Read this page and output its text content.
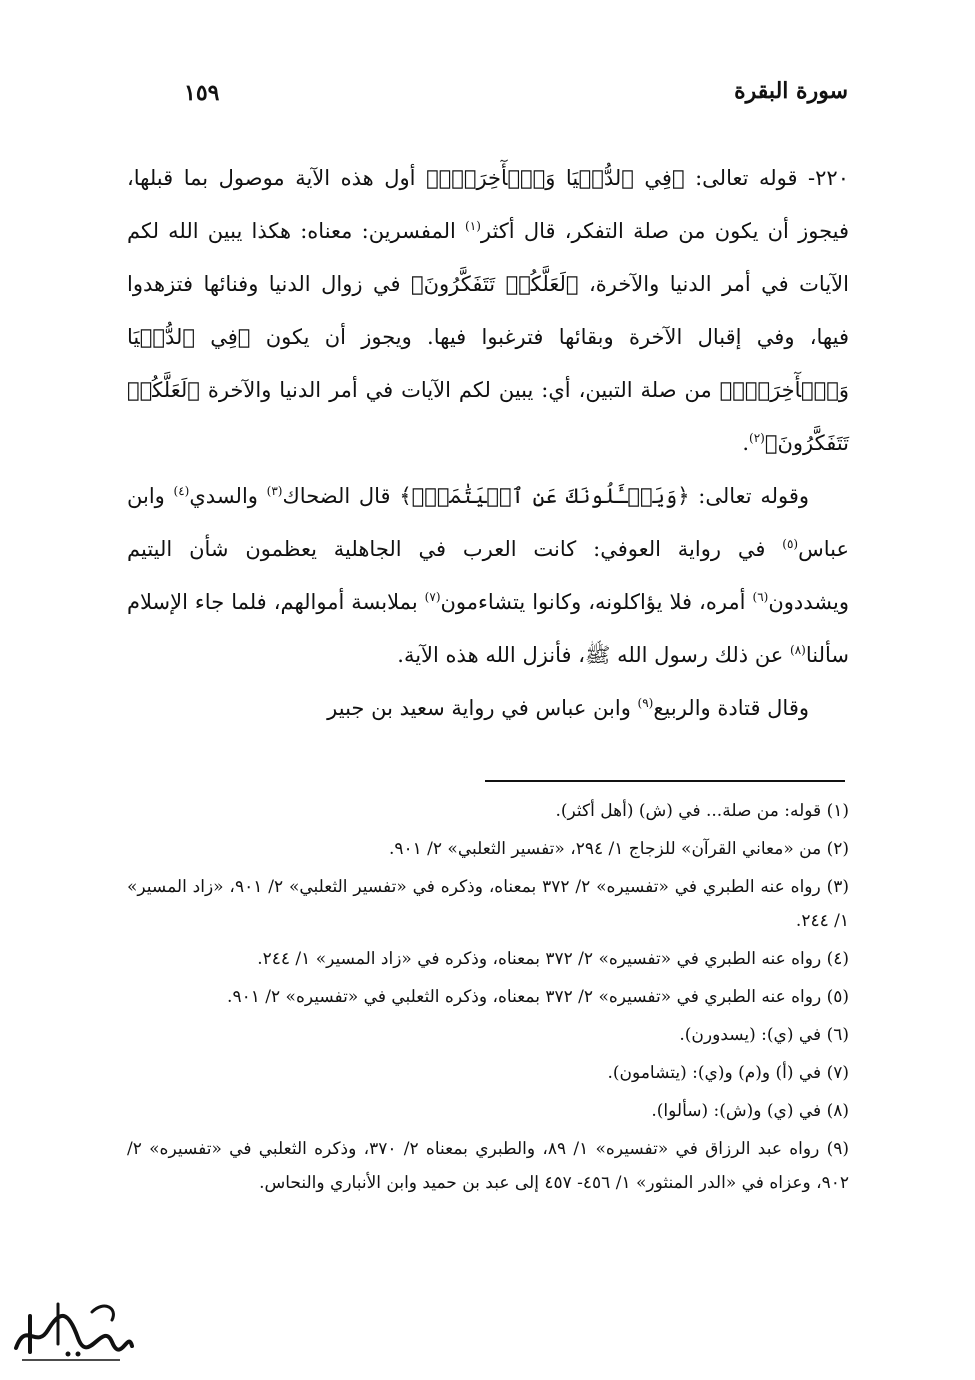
سورة البقرة
١٥٩

٢٢٠- قوله تعالى: ﴿فِي ٱلدُّنۡيَا وَٱلۡأٓخِرَةِۗ﴾ أول هذه الآية موصول بما قبلها، فيجوز أن يكون من صلة التفكر، قال أكثر$^{(١)}$ المفسرين: معناه: هكذا يبين الله لكم الآيات في أمر الدنيا والآخرة، ﴿لَعَلَّكُمۡ تَتَفَكَّرُونَ﴾ في زوال الدنيا وفنائها فتزهدوا فيها، وفي إقبال الآخرة وبقائها فترغبوا فيها. ويجوز أن يكون ﴿فِي ٱلدُّنۡيَا وَٱلۡأٓخِرَةِۗ﴾ من صلة التبين، أي: يبين لكم الآيات في أمر الدنيا والآخرة ﴿لَعَلَّكُمۡ تَتَفَكَّرُونَ﴾$^{(٢)}$.

وقوله تعالى: ﴿وَيَسۡـَٔلُونَكَ عَنِ ٱلۡيَتَٰمَىٰۖ﴾ قال الضحاك$^{(٣)}$ والسدي$^{(٤)}$ وابن عباس$^{(٥)}$ في رواية العوفي: كانت العرب في الجاهلية يعظمون شأن اليتيم ويشددون$^{(٦)}$ أمره، فلا يؤاكلونه، وكانوا يتشاءمون$^{(٧)}$ بملابسة أموالهم، فلما جاء الإسلام سألنا$^{(٨)}$ عن ذلك رسول الله ﷺ، فأنزل الله هذه الآية.

وقال قتادة والربيع$^{(٩)}$ وابن عباس في رواية سعيد بن جبير

(١) قوله: من صلة... في (ش) (أهل أكثر).

(٢) من «معاني القرآن» للزجاج ١/ ٢٩٤، «تفسير الثعلبي» ٢/ ٩٠١.

(٣) رواه عنه الطبري في «تفسيره» ٢/ ٣٧٢ بمعناه، وذكره في «تفسير الثعلبي» ٢/ ٩٠١، «زاد المسير» ١/ ٢٤٤.

(٤) رواه عنه الطبري في «تفسيره» ٢/ ٣٧٢ بمعناه، وذكره في «زاد المسير» ١/ ٢٤٤.

(٥) رواه عنه الطبري في «تفسيره» ٢/ ٣٧٢ بمعناه، وذكره الثعلبي في «تفسيره» ٢/ ٩٠١.

(٦) في (ي): (يسدورن).

(٧) في (أ) و(م) و(ي): (يتشامون).

(٨) في (ي) و(ش): (سألوا).

(٩) رواه عبد الرزاق في «تفسيره» ١/ ٨٩، والطبري بمعناه ٢/ ٣٧٠، وذكره الثعلبي في «تفسيره» ٢/ ٩٠٢، وعزاه في «الدر المنثور» ١/ ٤٥٦- ٤٥٧ إلى عبد بن حميد وابن الأنباري والنحاس.
